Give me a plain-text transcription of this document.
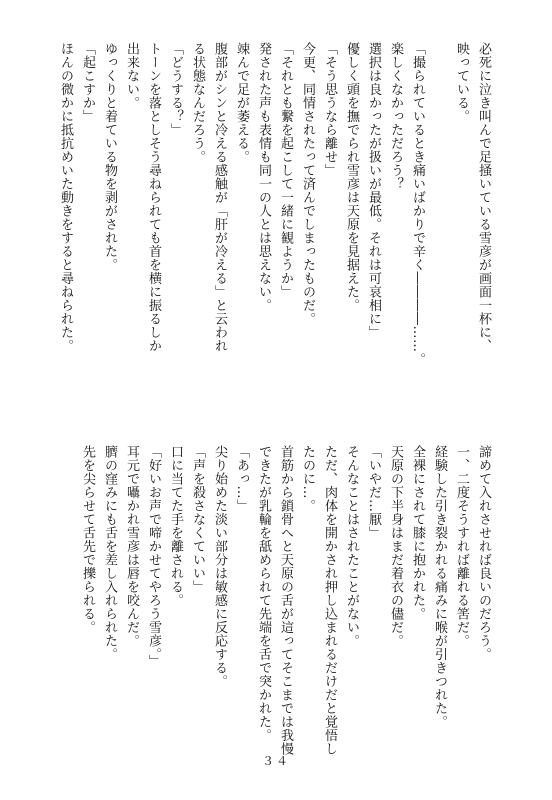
必死に泣き叫んで足掻いている雪彦が画面一杯に、

映っている。

「撮られているとき痛いばかりで辛く――――……。

楽しくなかっただろう？

選択は良かったが扱いが最低。それは可哀相に」

優しく頭を撫でられ雪彦は天原を見据えた。

「そう思うなら離せ」

今更、同情されたって済んでしまったものだ。

「それとも繋を起こして一緒に観ようか」

発された声も表情も同一の人とは思えない。

竦んで足が萎える。

腹部がシンと冷える感触が「肝が冷える」と云われ

る状態なんだろう。

「どうする？」

トーンを落としそう尋ねられても首を横に振るしか

出来ない。

ゆっくりと着ている物を剥がされた。

「起こすか」

ほんの微かに抵抗めいた動きをすると尋ねられた。

諦めて入れさせれば良いのだろう。

一、二度そうすれば離れる筈だ。

経験した引き裂かれる痛みに喉が引きつれた。

全裸にされて膝に抱かれた。

天原の下半身はまだ着衣の儘だ。

「いやだ…厭」

そんなことはされたことがない。

ただ、肉体を開かされ押し込まれるだけだと覚悟し

たのに…。

首筋から鎖骨へと天原の舌が這ってそこまでは我慢

できたが乳輪を舐められて先端を舌で突かれた。

「あっ…」

尖り始めた淡い部分は敏感に反応する。

「声を殺さなくていい」

口に当てた手を離される。

「好いお声で啼かせてやろう雪彦。」

耳元で囁かれ雪彦は唇を咬んだ。

臍の窪みにも舌を差し入れられた。

先を尖らせて舌先で擽られる。

３４
